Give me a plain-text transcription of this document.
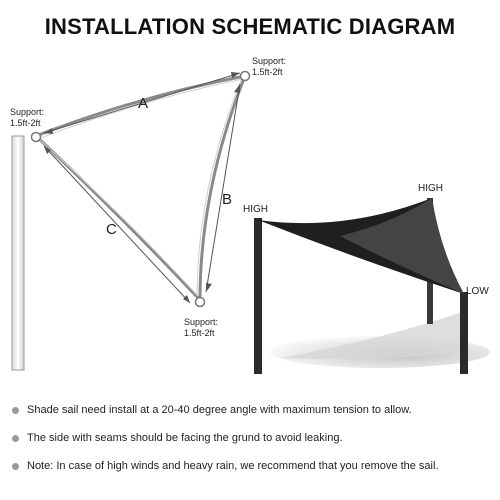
INSTALLATION SCHEMATIC DIAGRAM
A
B
C
Support:
1.5ft-2ft
Support:
1.5ft-2ft
Support:
1.5ft-2ft
HIGH
HIGH
LOW
Shade sail need install at a 20-40 degree angle with maximum tension to allow.
The side with seams should be facing the grund to avoid leaking.
Note: In case of high winds and heavy rain, we recommend that you remove the sail.
